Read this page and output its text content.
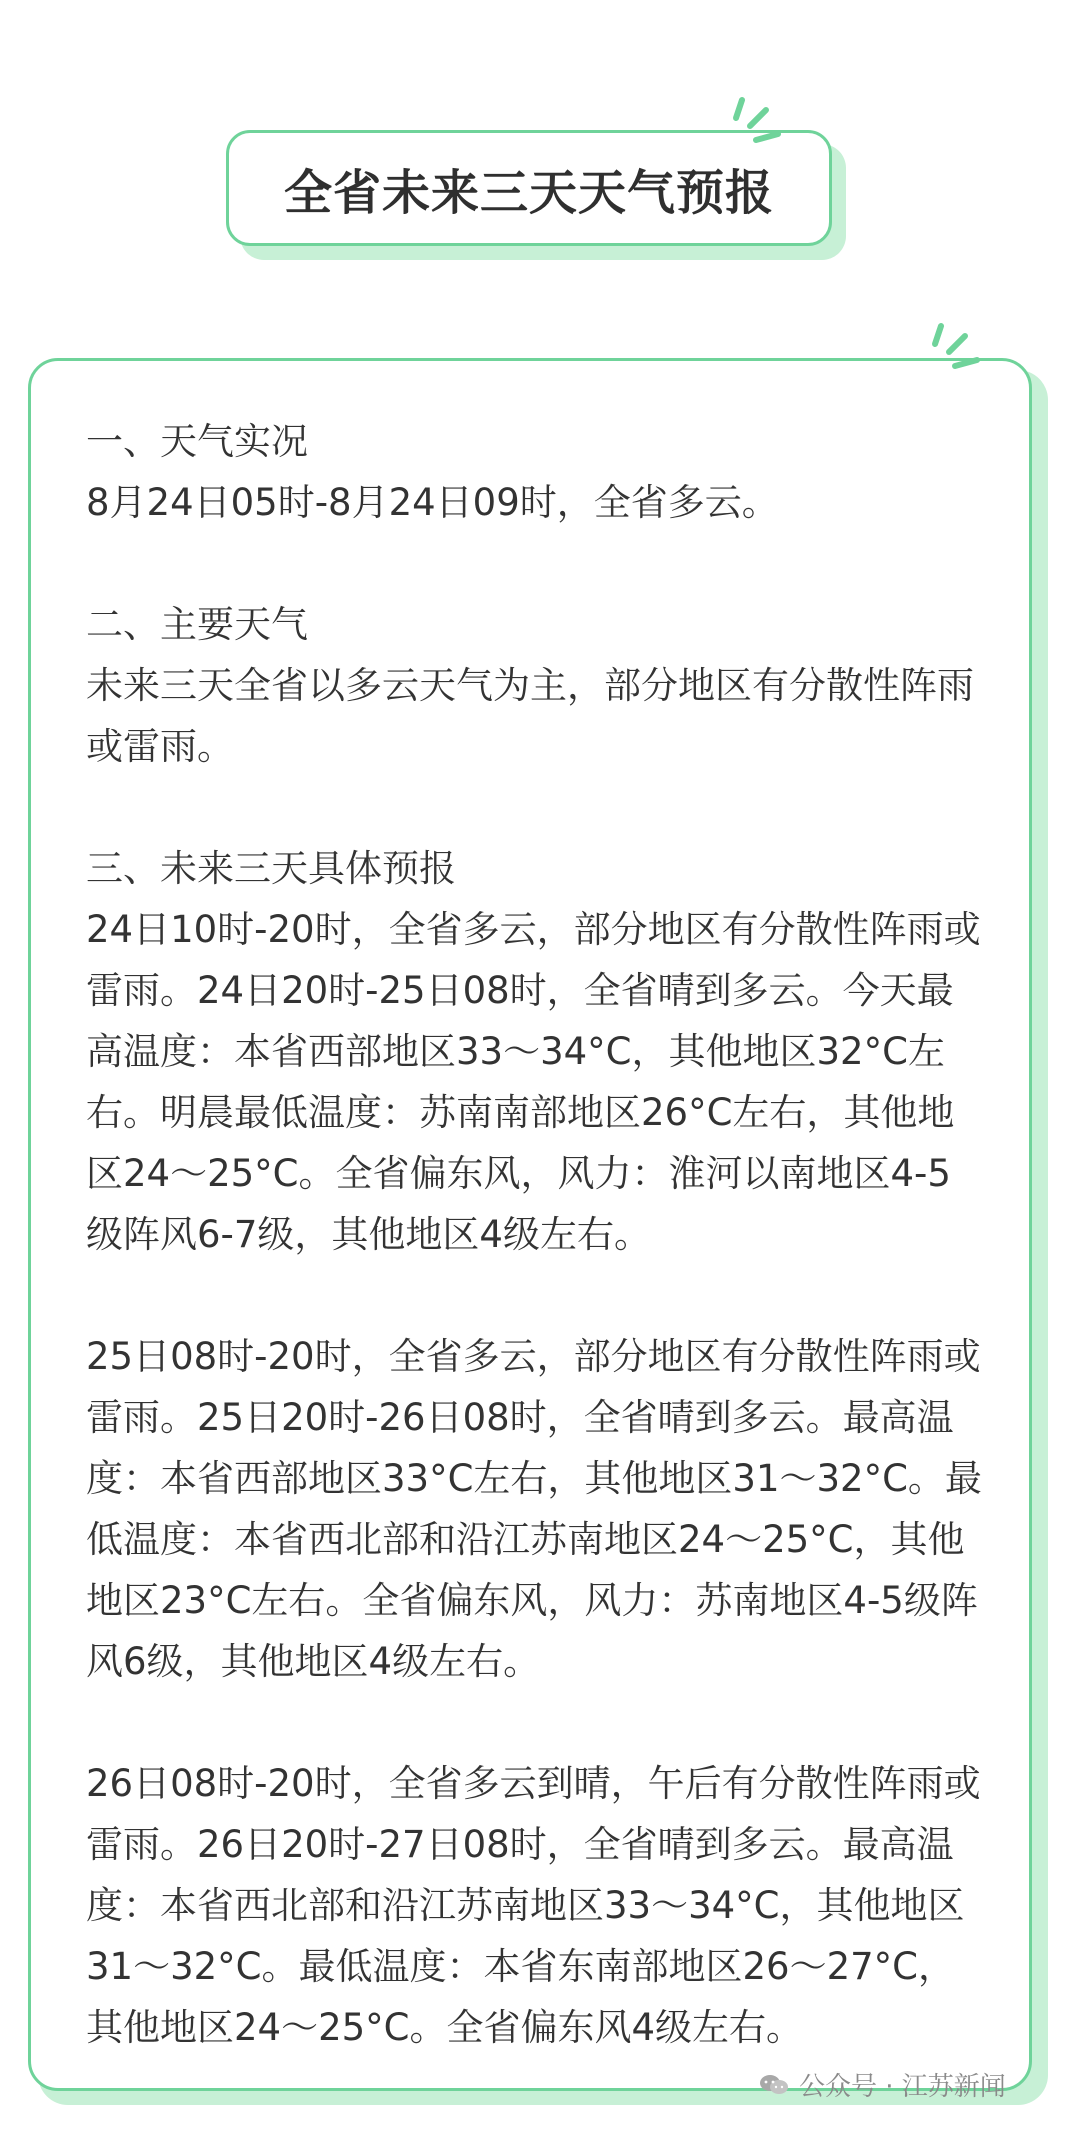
全省未来三天天气预报

一、天气实况

8月24日05时-8月24日09时，全省多云。

二、主要天气

未来三天全省以多云天气为主，部分地区有分散性阵雨或雷雨。

三、未来三天具体预报

24日10时-20时，全省多云，部分地区有分散性阵雨或雷雨。24日20时-25日08时，全省晴到多云。今天最高温度：本省西部地区33～34°C，其他地区32°C左右。明晨最低温度：苏南南部地区26°C左右，其他地区24～25°C。全省偏东风，风力：淮河以南地区4-5级阵风6-7级，其他地区4级左右。

25日08时-20时，全省多云，部分地区有分散性阵雨或雷雨。25日20时-26日08时，全省晴到多云。最高温度：本省西部地区33°C左右，其他地区31～32°C。最低温度：本省西北部和沿江苏南地区24～25°C，其他地区23°C左右。全省偏东风，风力：苏南地区4-5级阵风6级，其他地区4级左右。

26日08时-20时，全省多云到晴，午后有分散性阵雨或雷雨。26日20时-27日08时，全省晴到多云。最高温度：本省西北部和沿江苏南地区33～34°C，其他地区31～32°C。最低温度：本省东南部地区26～27°C，其他地区24～25°C。全省偏东风4级左右。

公众号 · 江苏新闻
